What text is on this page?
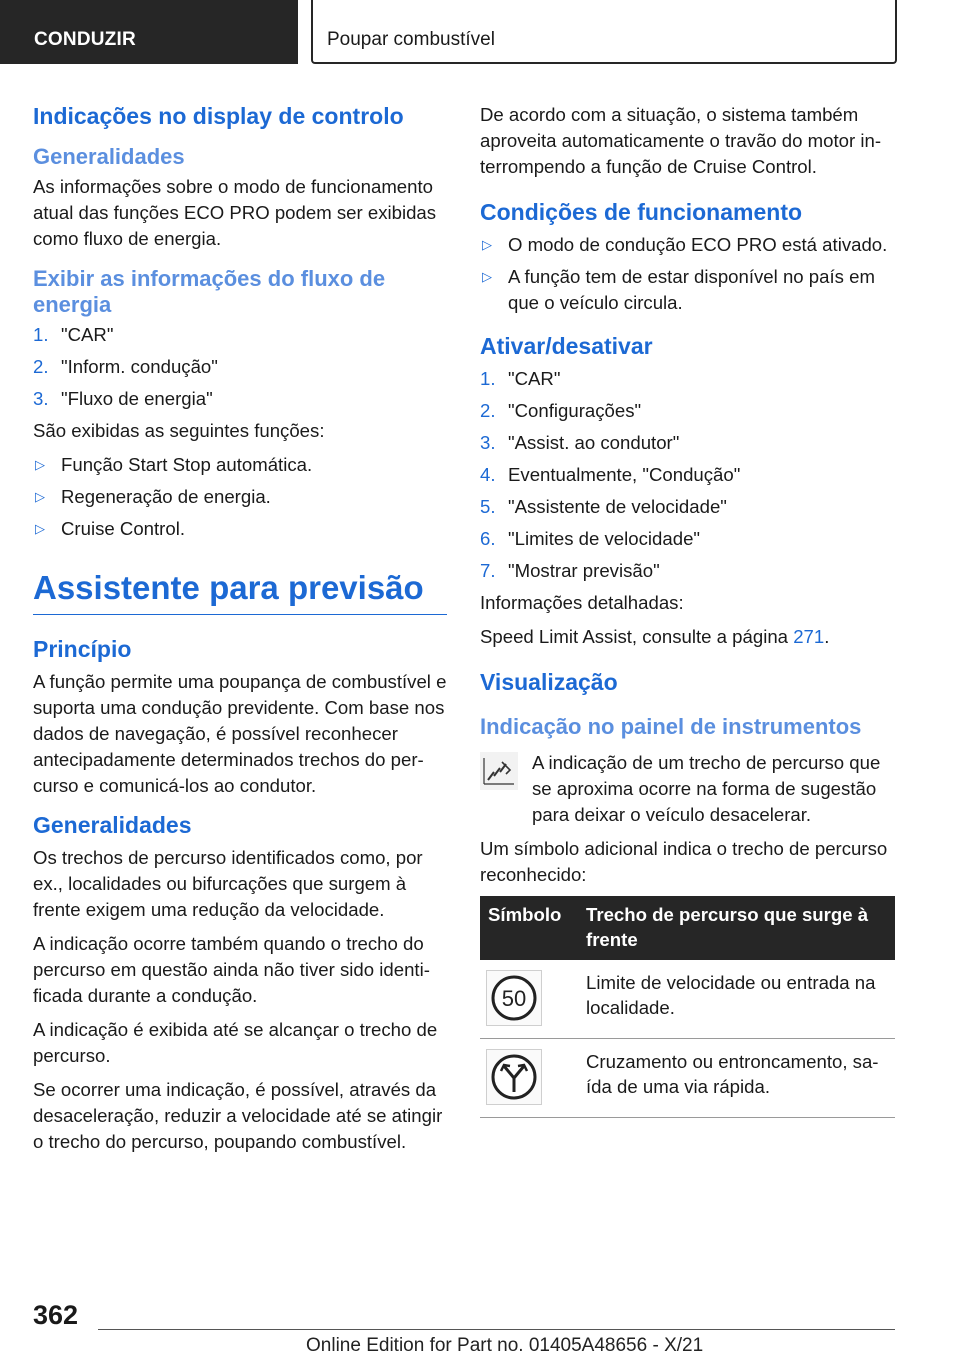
CONDUZIR	Poupar combustível
Indicações no display de controlo
Generalidades

As informações sobre o modo de funcionamento atual das funções ECO PRO podem ser exibidas como fluxo de energia.

Exibir as informações do fluxo de energia
1. "CAR"
2. "Inform. condução"
3. "Fluxo de energia"

São exibidas as seguintes funções:

▷ Função Start Stop automática.
▷ Regeneração de energia.
▷ Cruise Control.
Assistente para previsão
Princípio

A função permite uma poupança de combustível e suporta uma condução previdente. Com base nos dados de navegação, é possível reconhecer antecipadamente determinados trechos do percurso e comunicá-los ao condutor.

Generalidades

Os trechos de percurso identificados como, por ex., localidades ou bifurcações que surgem à frente exigem uma redução da velocidade.

A indicação ocorre também quando o trecho do percurso em questão ainda não tiver sido identificada durante a condução.

A indicação é exibida até se alcançar o trecho de percurso.

Se ocorrer uma indicação, é possível, através da desaceleração, reduzir a velocidade até se atingir o trecho do percurso, poupando combustível.

De acordo com a situação, o sistema também aproveita automaticamente o travão do motor interrompendo a função de Cruise Control.

Condições de funcionamento
▷ O modo de condução ECO PRO está ativado.
▷ A função tem de estar disponível no país em que o veículo circula.
Ativar/desativar
1. "CAR"
2. "Configurações"
3. "Assist. ao condutor"
4. Eventualmente, "Condução"
5. "Assistente de velocidade"
6. "Limites de velocidade"
7. "Mostrar previsão"

Informações detalhadas:

Speed Limit Assist, consulte a página 271.

Visualização
Indicação no painel de instrumentos

A indicação de um trecho de percurso que se aproxima ocorre na forma de sugestão para deixar o veículo desacelerar.

Um símbolo adicional indica o trecho de percurso reconhecido:

Símbolo	Trecho de percurso que surge à frente

50	Limite de velocidade ou entrada na localidade.

	Cruzamento ou entroncamento, saída de uma via rápida.
362
Online Edition for Part no. 01405A48656 - X/21
